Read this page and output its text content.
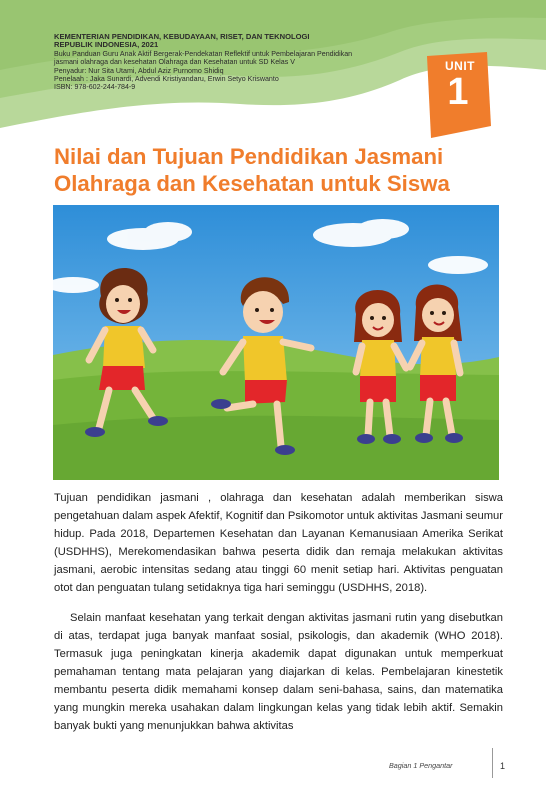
KEMENTERIAN PENDIDIKAN, KEBUDAYAAN, RISET, DAN TEKNOLOGI
REPUBLIK INDONESIA, 2021
Buku Panduan Guru Anak Aktif Bergerak-Pendekatan Reflektif untuk Pembelajaran Pendidikan
jasmani olahraga dan kesehatan Olahraga dan Kesehatan untuk SD Kelas V
Penyadur: Nur Sita Utami, Abdul Aziz Purnomo Shidiq
Penelaah : Jaka Sunardi, Advendi Kristiyandaru, Erwin Setyo Kriswanto
ISBN: 978-602-244-784-9
UNIT
1
Nilai dan Tujuan Pendidikan Jasmani
Olahraga dan Kesehatan untuk Siswa

Tujuan pendidikan jasmani , olahraga dan kesehatan adalah memberikan siswa pengetahuan dalam aspek Afektif, Kognitif dan Psikomotor untuk aktivitas Jasmani seumur hidup. Pada 2018, Departemen Kesehatan dan Layanan Kemanusiaan Amerika Serikat (USDHHS), Merekomendasikan bahwa peserta didik dan remaja melakukan aktivitas jasmani, aerobic intensitas sedang atau tinggi 60 menit setiap hari. Aktivitas penguatan otot dan penguatan tulang setidaknya tiga hari seminggu (USDHHS, 2018).

Selain manfaat kesehatan yang terkait dengan aktivitas jasmani rutin yang disebutkan di atas, terdapat juga banyak manfaat sosial, psikologis, dan akademik (WHO 2018). Termasuk juga peningkatan kinerja akademik dapat digunakan untuk memperkuat pemahaman tentang mata pelajaran yang diajarkan di kelas. Pembelajaran kinestetik membantu peserta didik memahami konsep dalam seni-bahasa, sains, dan matematika yang mungkin mereka usahakan dalam lingkungan kelas yang tidak lebih aktif. Semakin banyak bukti yang menunjukkan bahwa aktivitas

Bagian 1 Pengantar	1
